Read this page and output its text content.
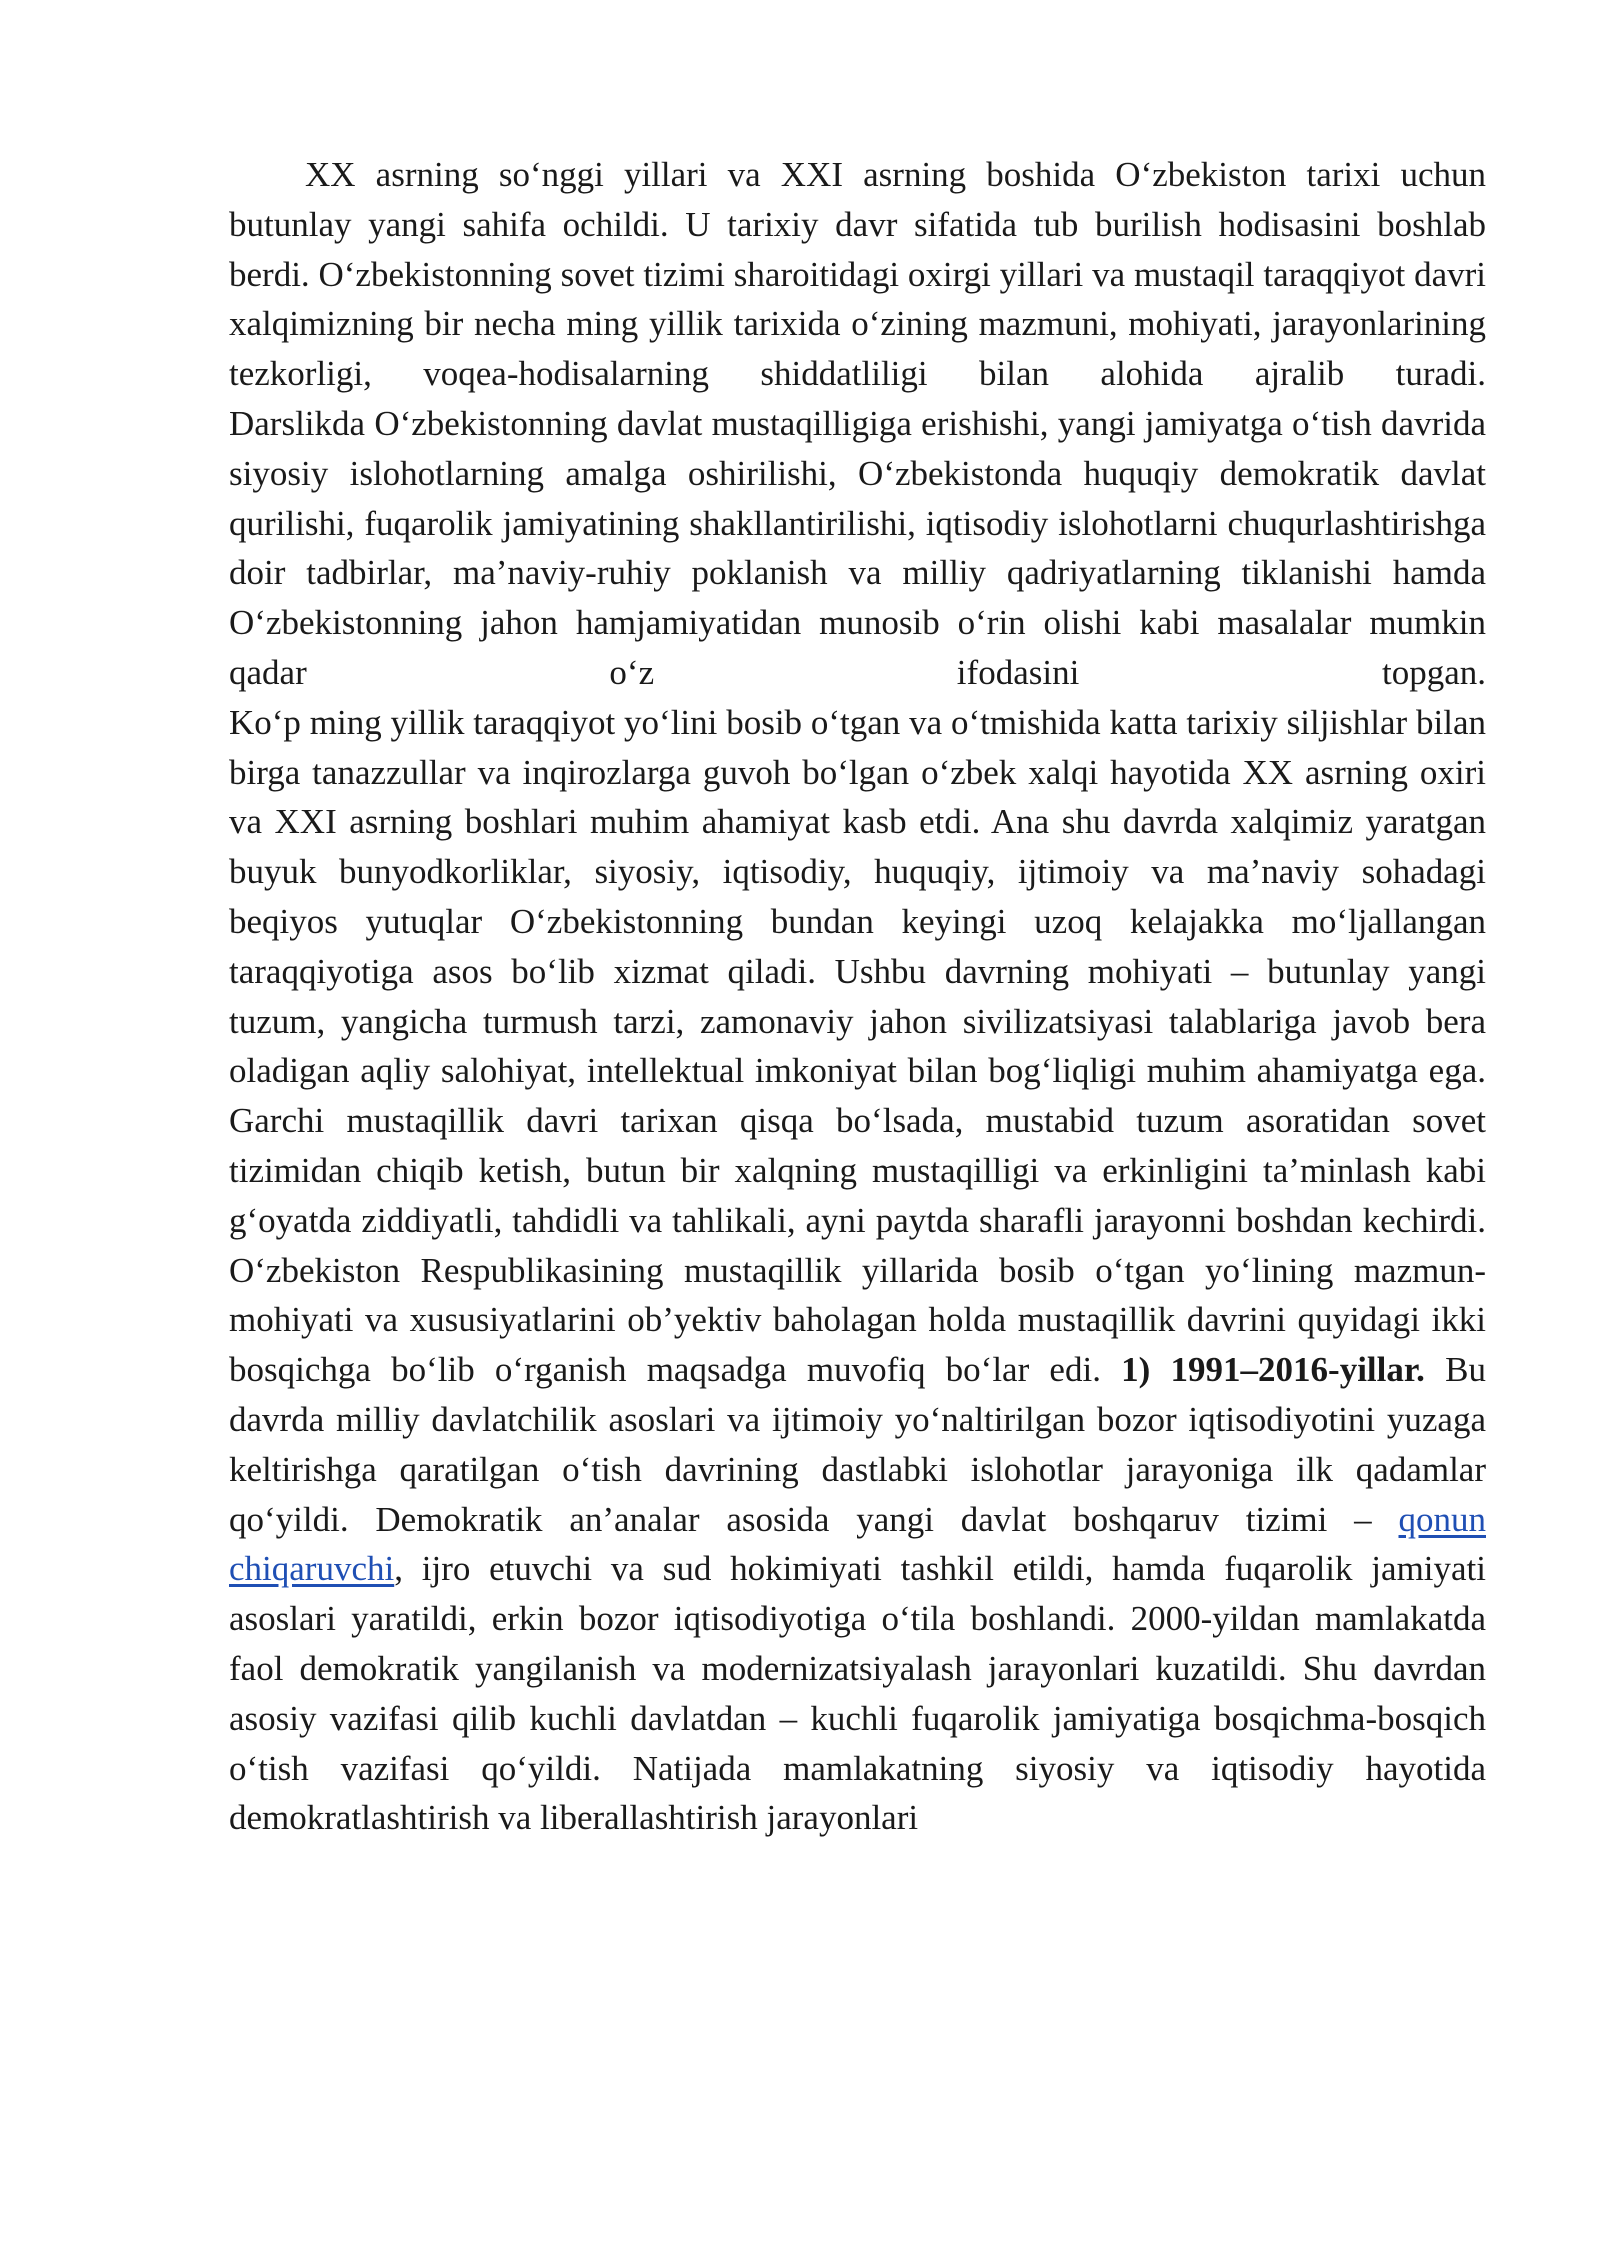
XX asrning so‘nggi yillari va XXI asrning boshida O‘zbekiston tarixi uchun butunlay yangi sahifa ochildi. U tarixiy davr sifatida tub burilish hodisasini boshlab berdi. O‘zbekistonning sovet tizimi sharoitidagi oxirgi yillari va mustaqil taraqqiyot davri xalqimizning bir necha ming yillik tarixida o‘zining mazmuni, mohiyati, jarayonlarining tezkorligi, voqea-hodisalarning shiddatliligi bilan alohida ajralib turadi.

Darslikda O‘zbekistonning davlat mustaqilligiga erishishi, yangi jamiyatga o‘tish davrida siyosiy islohotlarning amalga oshirilishi, O‘zbekistonda huquqiy demokratik davlat qurilishi, fuqarolik jamiyatining shakllantirilishi, iqtisodiy islohotlarni chuqurlashtirishga doir tadbirlar, ma’naviy-ruhiy poklanish va milliy qadriyatlarning tiklanishi hamda O‘zbekistonning jahon hamjamiyatidan munosib o‘rin olishi kabi masalalar mumkin qadar o‘z ifodasini topgan.

Ko‘p ming yillik taraqqiyot yo‘lini bosib o‘tgan va o‘tmishida katta tarixiy siljishlar bilan birga tanazzullar va inqirozlarga guvoh bo‘lgan o‘zbek xalqi hayotida XX asrning oxiri va XXI asrning boshlari muhim ahamiyat kasb etdi. Ana shu davrda xalqimiz yaratgan buyuk bunyodkorliklar, siyosiy, iqtisodiy, huquqiy, ijtimoiy va ma’naviy sohadagi beqiyos yutuqlar O‘zbekistonning bundan keyingi uzoq kelajakka mo‘ljallangan taraqqiyotiga asos bo‘lib xizmat qiladi. Ushbu davrning mohiyati – butunlay yangi tuzum, yangicha turmush tarzi, zamonaviy jahon sivilizatsiyasi talablariga javob bera oladigan aqliy salohiyat, intellektual imkoniyat bilan bog‘liqligi muhim ahamiyatga ega. Garchi mustaqillik davri tarixan qisqa bo‘lsada, mustabid tuzum asoratidan sovet tizimidan chiqib ketish, butun bir xalqning mustaqilligi va erkinligini ta’minlash kabi g‘oyatda ziddiyatli, tahdidli va tahlikali, ayni paytda sharafli jarayonni boshdan kechirdi.

O‘zbekiston Respublikasining mustaqillik yillarida bosib o‘tgan yo‘lining mazmun-mohiyati va xususiyatlarini ob’yektiv baholagan holda mustaqillik davrini quyidagi ikki bosqichga bo‘lib o‘rganish maqsadga muvofiq bo‘lar edi. 1) 1991–2016-yillar. Bu davrda milliy davlatchilik asoslari va ijtimoiy yo‘naltirilgan bozor iqtisodiyotini yuzaga keltirishga qaratilgan o‘tish davrining dastlabki islohotlar jarayoniga ilk qadamlar qo‘yildi. Demokratik an’analar asosida yangi davlat boshqaruv tizimi – qonun chiqaruvchi, ijro etuvchi va sud hokimiyati tashkil etildi, hamda fuqarolik jamiyati asoslari yaratildi, erkin bozor iqtisodiyotiga o‘tila boshlandi. 2000-yildan mamlakatda faol demokratik yangilanish va modernizatsiyalash jarayonlari kuzatildi. Shu davrdan asosiy vazifasi qilib kuchli davlatdan – kuchli fuqarolik jamiyatiga bosqichma-bosqich o‘tish vazifasi qo‘yildi. Natijada mamlakatning siyosiy va iqtisodiy hayotida demokratlashtirish va liberallashtirish jarayonlari
